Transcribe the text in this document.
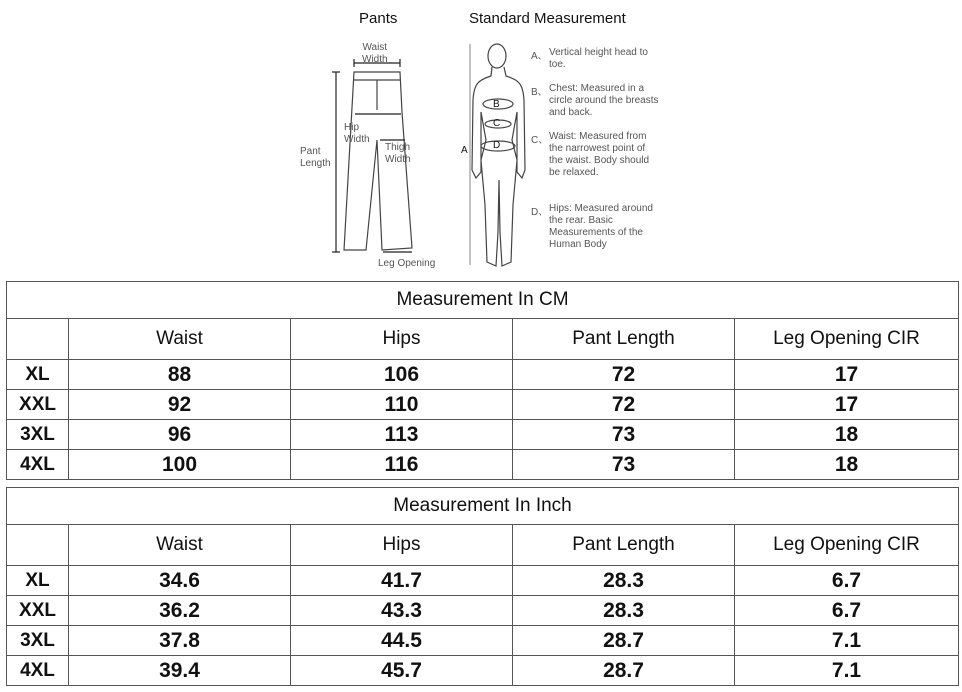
Pants	Standard Measurement
Waist
Width
Hip
Width
Pant
Length
Thigh
Width
Leg Opening
A
B
C
D
A、 Vertical height head to toe.
B、 Chest: Measured in a circle around the breasts and back.
C、 Waist: Measured from the narrowest point of the waist. Body should be relaxed.
D、 Hips: Measured around the rear. Basic Measurements of the Human Body
Measurement In CM				
	Waist	Hips	Pant Length	Leg Opening CIR
XL	88	106	72	17
XXL	92	110	72	17
3XL	96	113	73	18
4XL	100	116	73	18
Measurement In Inch				
	Waist	Hips	Pant Length	Leg Opening CIR
XL	34.6	41.7	28.3	6.7
XXL	36.2	43.3	28.3	6.7
3XL	37.8	44.5	28.7	7.1
4XL	39.4	45.7	28.7	7.1
